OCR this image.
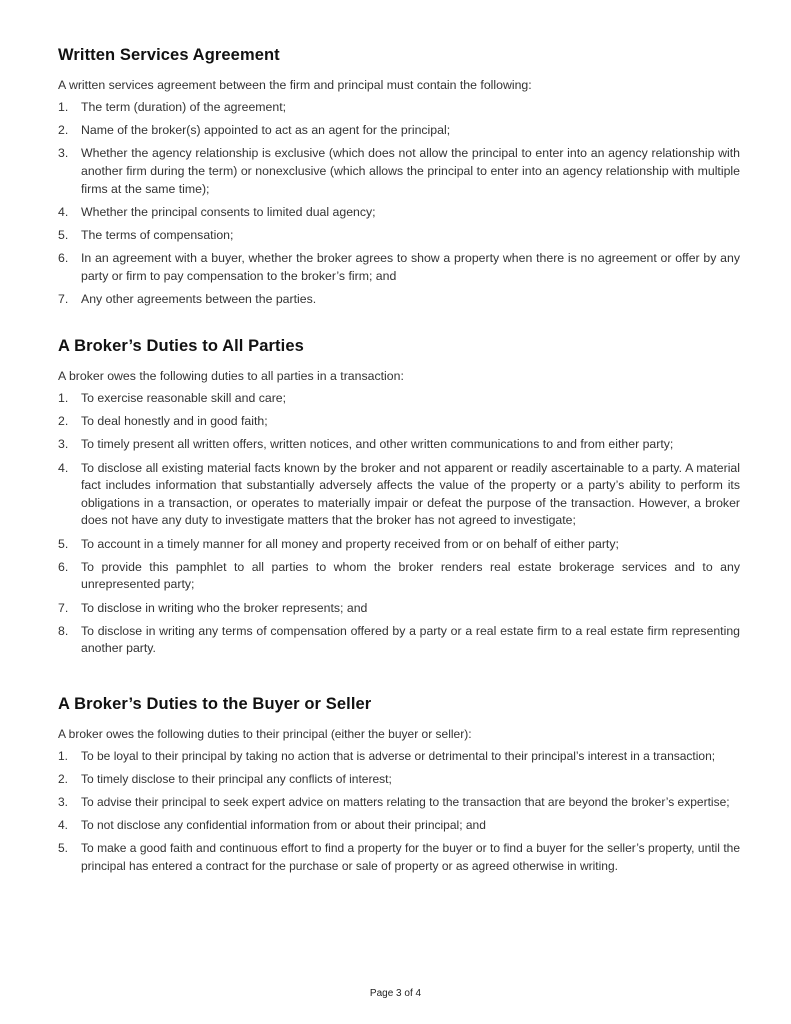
Written Services Agreement

A written services agreement between the firm and principal must contain the following:

1. The term (duration) of the agreement;
2. Name of the broker(s) appointed to act as an agent for the principal;
3. Whether the agency relationship is exclusive (which does not allow the principal to enter into an agency relationship with another firm during the term) or nonexclusive (which allows the principal to enter into an agency relationship with multiple firms at the same time);
4. Whether the principal consents to limited dual agency;
5. The terms of compensation;
6. In an agreement with a buyer, whether the broker agrees to show a property when there is no agreement or offer by any party or firm to pay compensation to the broker’s firm; and
7. Any other agreements between the parties.
A Broker’s Duties to All Parties

A broker owes the following duties to all parties in a transaction:

1. To exercise reasonable skill and care;
2. To deal honestly and in good faith;
3. To timely present all written offers, written notices, and other written communications to and from either party;
4. To disclose all existing material facts known by the broker and not apparent or readily ascertainable to a party. A material fact includes information that substantially adversely affects the value of the property or a party’s ability to perform its obligations in a transaction, or operates to materially impair or defeat the purpose of the transaction. However, a broker does not have any duty to investigate matters that the broker has not agreed to investigate;
5. To account in a timely manner for all money and property received from or on behalf of either party;
6. To provide this pamphlet to all parties to whom the broker renders real estate brokerage services and to any unrepresented party;
7. To disclose in writing who the broker represents; and
8. To disclose in writing any terms of compensation offered by a party or a real estate firm to a real estate firm representing another party.
A Broker’s Duties to the Buyer or Seller

A broker owes the following duties to their principal (either the buyer or seller):

1. To be loyal to their principal by taking no action that is adverse or detrimental to their principal’s interest in a transaction;
2. To timely disclose to their principal any conflicts of interest;
3. To advise their principal to seek expert advice on matters relating to the transaction that are beyond the broker’s expertise;
4. To not disclose any confidential information from or about their principal; and
5. To make a good faith and continuous effort to find a property for the buyer or to find a buyer for the seller’s property, until the principal has entered a contract for the purchase or sale of property or as agreed otherwise in writing.
Page 3 of 4
